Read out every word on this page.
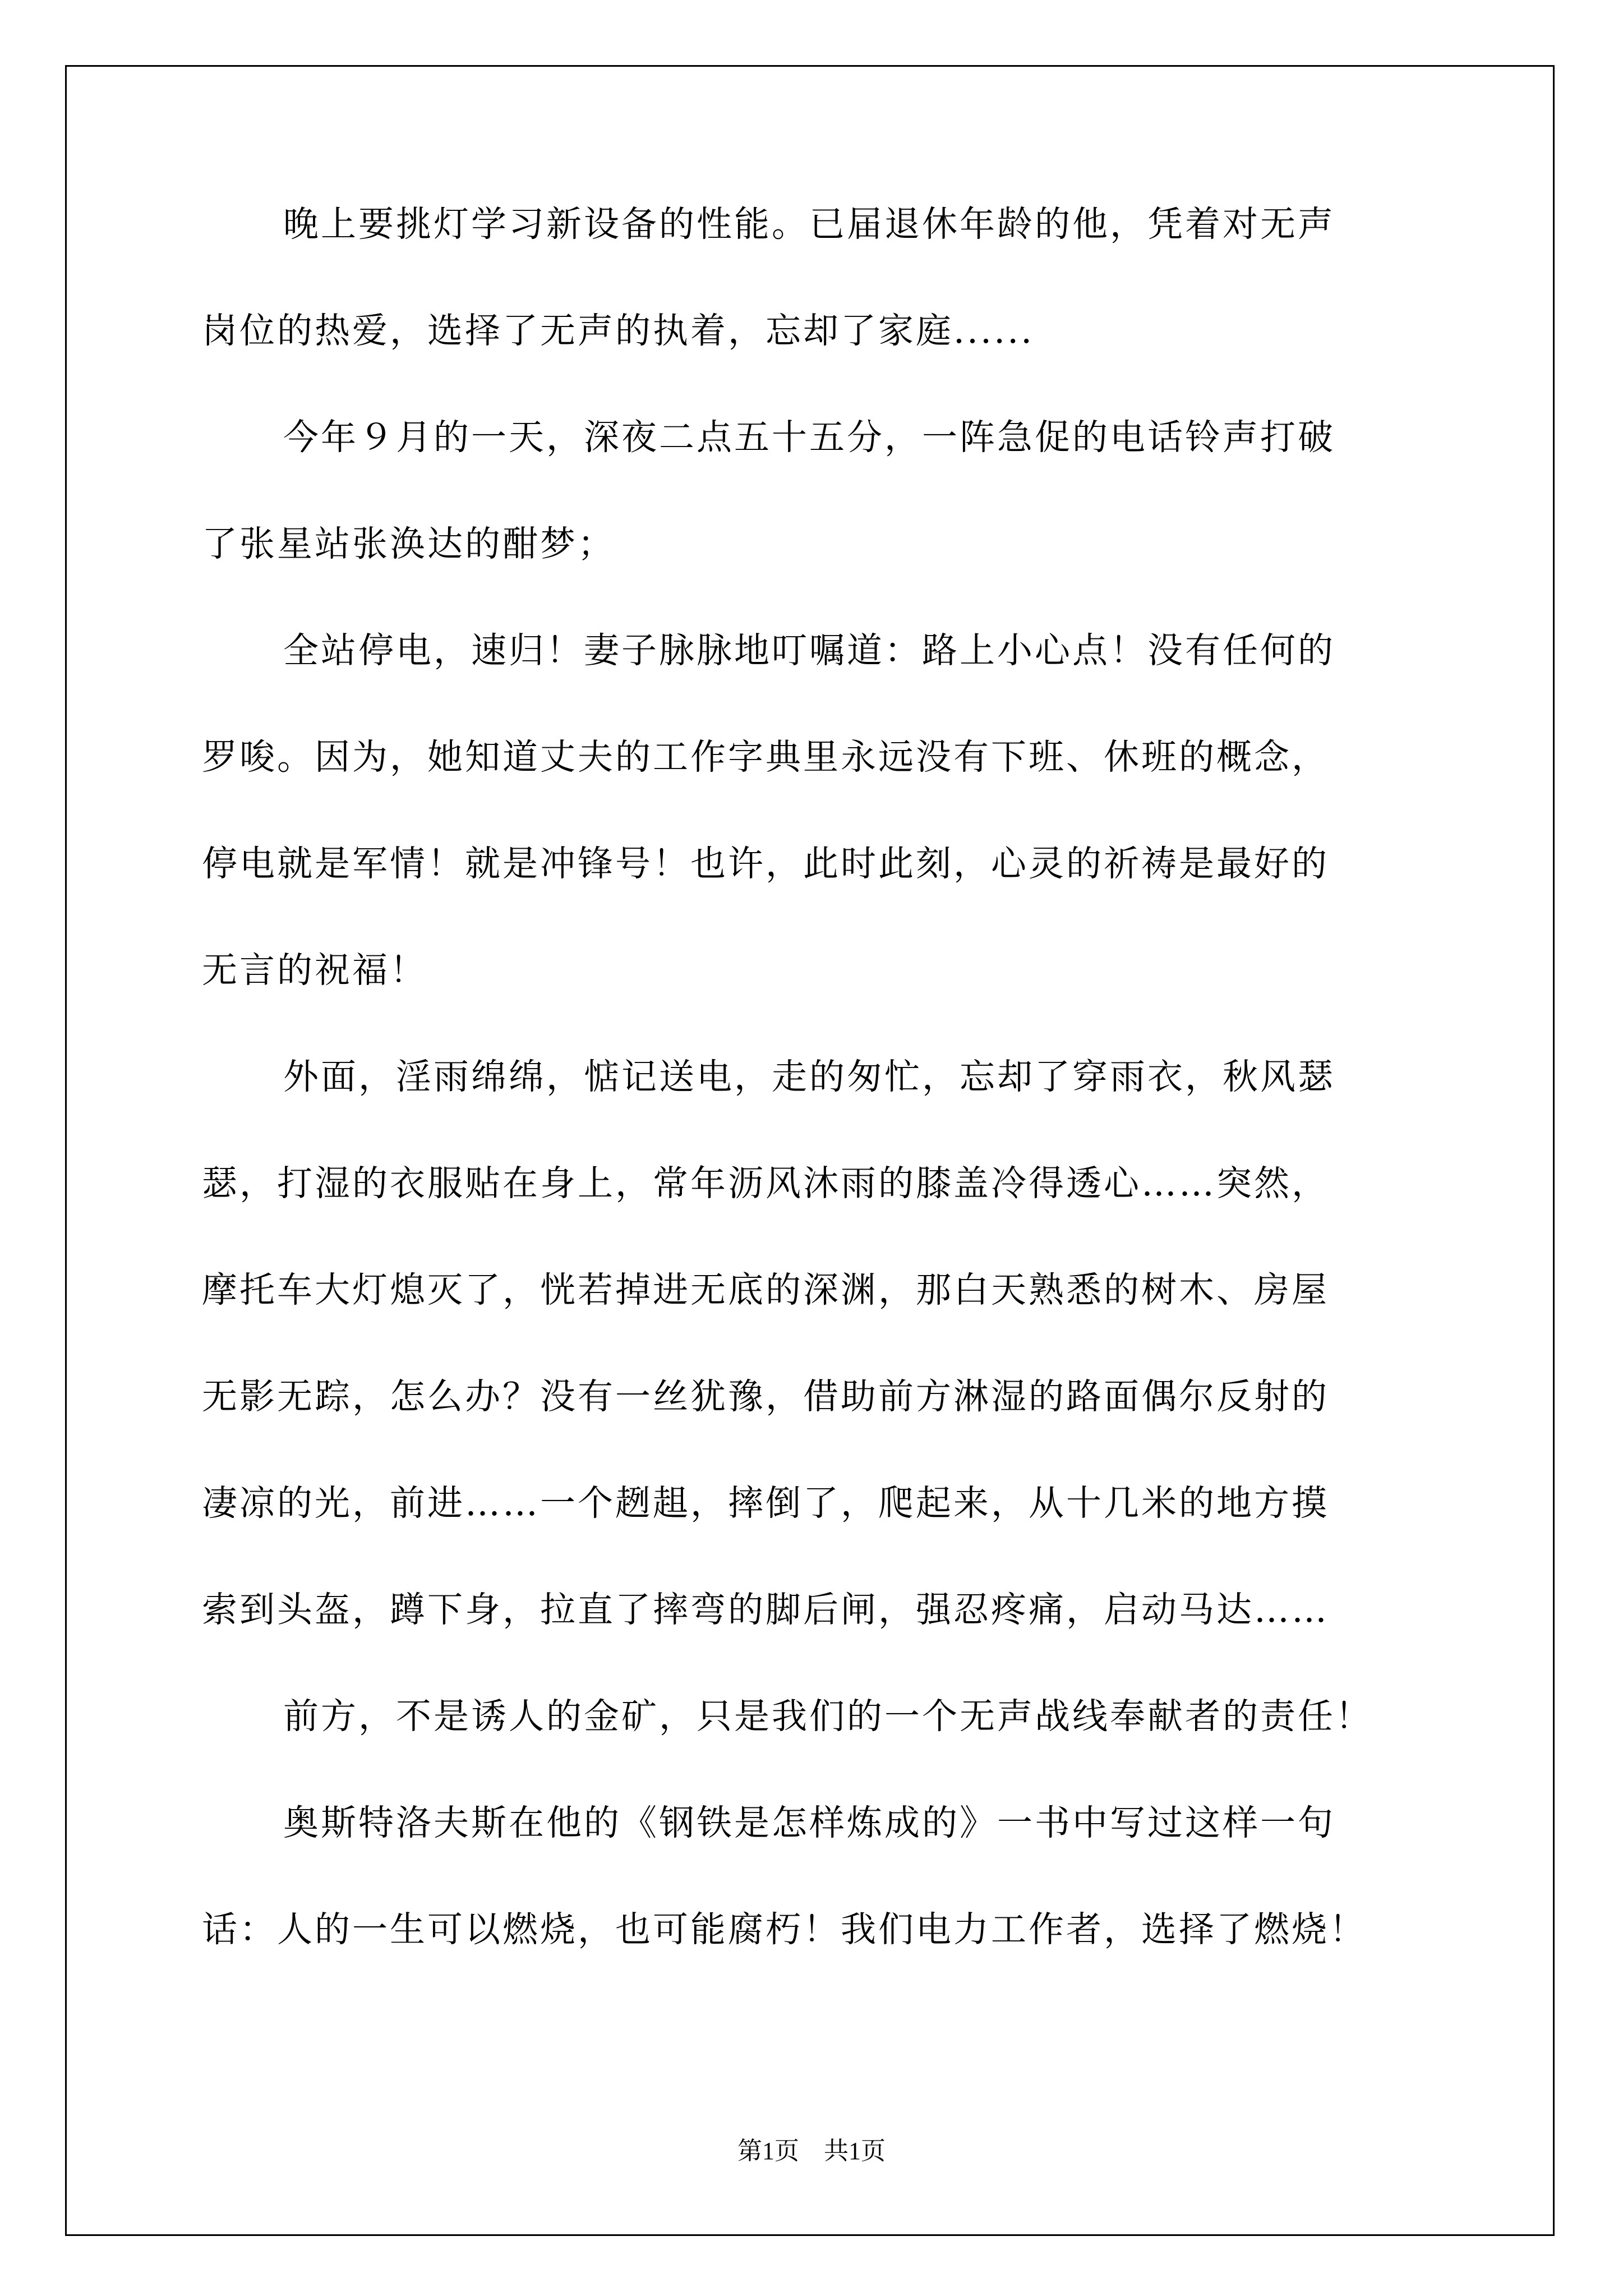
晚上要挑灯学习新设备的性能。已届退休年龄的他，凭着对无声
岗位的热爱，选择了无声的执着，忘却了家庭......
今年９月的一天，深夜二点五十五分，一阵急促的电话铃声打破
了张星站张涣达的酣梦；
全站停电，速归！妻子脉脉地叮嘱道：路上小心点！没有任何的
罗唆。因为，她知道丈夫的工作字典里永远没有下班、休班的概念，
停电就是军情！就是冲锋号！也许，此时此刻，心灵的祈祷是最好的
无言的祝福！
外面，淫雨绵绵，惦记送电，走的匆忙，忘却了穿雨衣，秋风瑟
瑟，打湿的衣服贴在身上，常年沥风沐雨的膝盖冷得透心……突然，
摩托车大灯熄灭了，恍若掉进无底的深渊，那白天熟悉的树木、房屋
无影无踪，怎么办？没有一丝犹豫，借助前方淋湿的路面偶尔反射的
凄凉的光，前进……一个趔趄，摔倒了，爬起来，从十几米的地方摸
索到头盔，蹲下身，拉直了摔弯的脚后闸，强忍疼痛，启动马达……
前方，不是诱人的金矿，只是我们的一个无声战线奉献者的责任！
奥斯特洛夫斯在他的《钢铁是怎样炼成的》一书中写过这样一句
话：人的一生可以燃烧，也可能腐朽！我们电力工作者，选择了燃烧！
第1页　共1页
